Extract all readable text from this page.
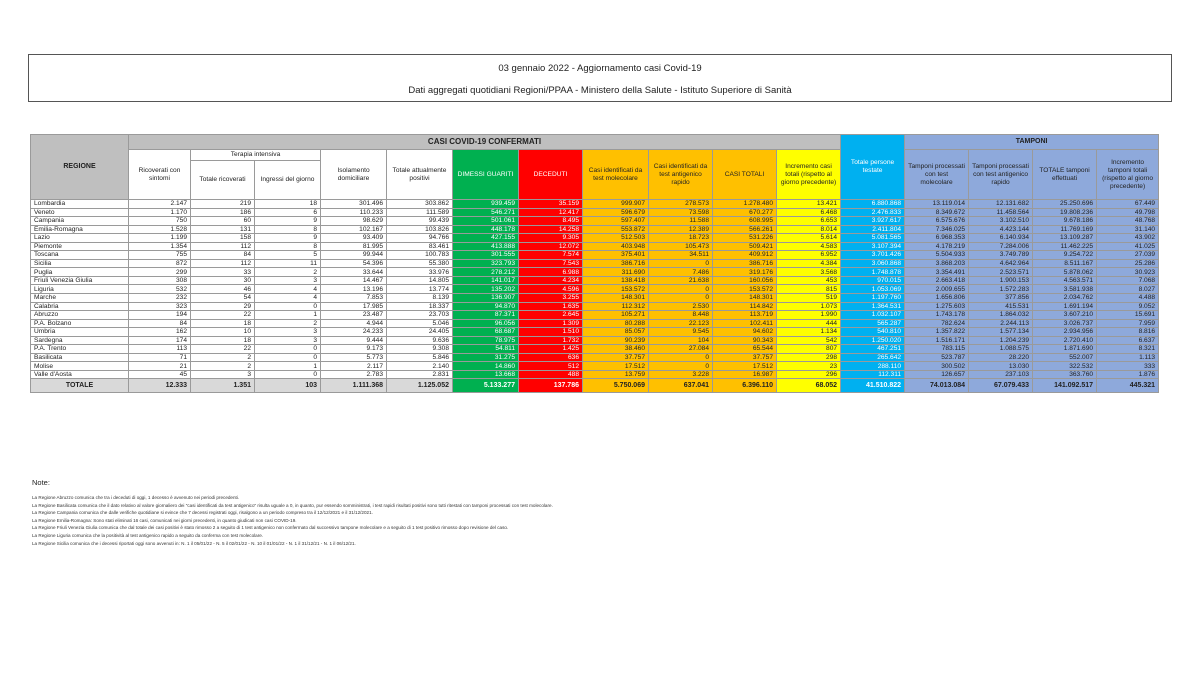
03 gennaio 2022 - Aggiornamento casi Covid-19
Dati aggregati quotidiani Regioni/PPAA - Ministero della Salute - Istituto Superiore di Sanità
REGIONE	CASI COVID-19 CONFERMATI											Totale persone testate	TAMPONI			
	Ricoverati con sintomi	Terapia intensiva		Isolamento domiciliare	Totale attualmente positivi	DIMESSI GUARITI	DECEDUTI	Casi identificati da test molecolare	Casi identificati da test antigenico rapido	CASI TOTALI	Incremento casi totali (rispetto al giorno precedente)		Tamponi processati con test molecolare	Tamponi processati con test antigenico rapido	TOTALE tamponi effettuati	Incremento tamponi totali (rispetto al giorno precedente)
		Totale ricoverati	Ingressi del giorno													
Lombardia	2.147	219	18	301.496	303.862	939.459	35.159	999.907	278.573	1.278.480	13.421	6.880.868	13.119.014	12.131.682	25.250.696	67.449
Veneto	1.170	186	6	110.233	111.589	546.271	12.417	596.679	73.598	670.277	6.468	2.476.833	8.349.672	11.458.564	19.808.236	49.798
Campania	750	60	9	98.629	99.439	501.061	8.495	597.407	11.588	608.995	6.653	3.927.617	6.575.676	3.102.510	9.678.186	48.768
Emilia-Romagna	1.528	131	8	102.167	103.826	448.178	14.258	553.872	12.389	566.261	8.014	2.411.804	7.346.025	4.423.144	11.769.169	31.140
Lazio	1.199	158	9	93.409	94.766	427.155	9.305	512.503	18.723	531.226	5.614	5.081.565	6.968.353	6.140.934	13.109.287	43.902
Piemonte	1.354	112	8	81.995	83.461	413.888	12.072	403.948	105.473	509.421	4.583	3.107.394	4.178.219	7.284.006	11.462.225	41.025
Toscana	755	84	5	99.944	100.783	301.555	7.574	375.401	34.511	409.912	6.952	3.701.426	5.504.933	3.749.789	9.254.722	27.039
Sicilia	872	112	11	54.396	55.380	323.793	7.543	386.716	0	386.716	4.384	3.060.868	3.868.203	4.642.964	8.511.167	25.286
Puglia	299	33	2	33.644	33.976	278.212	6.988	311.690	7.486	319.176	3.568	1.748.878	3.354.491	2.523.571	5.878.062	30.923
Friuli Venezia Giulia	308	30	3	14.467	14.805	141.017	4.234	138.418	21.638	160.056	453	970.015	2.663.418	1.900.153	4.563.571	7.068
Liguria	532	46	4	13.196	13.774	135.202	4.596	153.572	0	153.572	815	1.053.069	2.009.655	1.572.283	3.581.938	8.027
Marche	232	54	4	7.853	8.139	136.907	3.255	148.301	0	148.301	519	1.197.760	1.656.806	377.856	2.034.762	4.488
Calabria	323	29	0	17.985	18.337	94.870	1.635	112.312	2.530	114.842	1.073	1.364.531	1.275.603	415.531	1.691.194	9.052
Abruzzo	194	22	1	23.487	23.703	87.371	2.645	105.271	8.448	113.719	1.990	1.032.107	1.743.178	1.864.032	3.607.210	15.691
P.A. Bolzano	84	18	2	4.944	5.046	96.056	1.309	80.288	22.123	102.411	444	565.287	782.624	2.244.113	3.026.737	7.959
Umbria	162	10	3	24.233	24.405	68.687	1.510	85.057	9.545	94.602	1.134	540.810	1.357.822	1.577.134	2.934.956	8.816
Sardegna	174	18	3	9.444	9.636	78.975	1.732	90.239	104	90.343	542	1.250.020	1.516.171	1.204.239	2.720.410	6.637
P.A. Trento	113	22	0	9.173	9.308	54.811	1.425	38.460	27.084	65.544	807	467.251	783.115	1.088.575	1.871.690	8.321
Basilicata	71	2	0	5.773	5.846	31.275	636	37.757	0	37.757	298	265.642	523.787	28.220	552.007	1.113
Molise	21	2	1	2.117	2.140	14.860	512	17.512	0	17.512	23	288.110	300.502	13.030	322.532	333
Valle d'Aosta	45	3	0	2.783	2.831	13.668	488	13.759	3.228	16.987	296	112.311	126.657	237.103	363.760	1.876
TOTALE	12.333	1.351	103	1.111.368	1.125.052	5.133.277	137.786	5.750.069	637.041	6.396.110	68.052	41.510.822	74.013.084	67.079.433	141.092.517	445.321
Note:
La Regione Abruzzo comunica che tra i deceduti di oggi, 1 decesso è avvenuto nei periodi precedenti.
La Regione Basilicata comunica che il dato relativo al valore giornaliero dei "casi identificati da test antigenico" risulta uguale a 0, in quanto, pur essendo somministrati, i test rapidi risultati positivi sono tutti ritestati con tamponi processati con test molecolare.
La Regione Campania comunica che dalle verifiche quotidiane si evince che 7 decessi registrati oggi, risalgono a un periodo compreso tra il 12/12/2021 e il 31/12/2021.
La Regione Emilia-Romagna: Sono stati eliminati 16 casi, comunicati nei giorni precedenti, in quanto giudicati non casi COVID-19.
La Regione Friuli Venezia Giulia comunica che dal totale dei casi positivi è stato rimosso 2 a seguito di 1 test antigenico non confermato dal successivo tampone molecolare e a seguito di 1 test positivo rimosso dopo revisione del caso.
La Regione Liguria comunica che la positività al test antigenico rapido a seguito da conferma con test molecolare.
La Regione Sicilia comunica che i decessi riportati oggi sono avvenuti in: N. 1 il 05/01/22 - N. 5 il 02/01/22 - N. 10 il 01/01/22 - N. 1 il 31/12/21 - N. 1 il 06/12/21.
